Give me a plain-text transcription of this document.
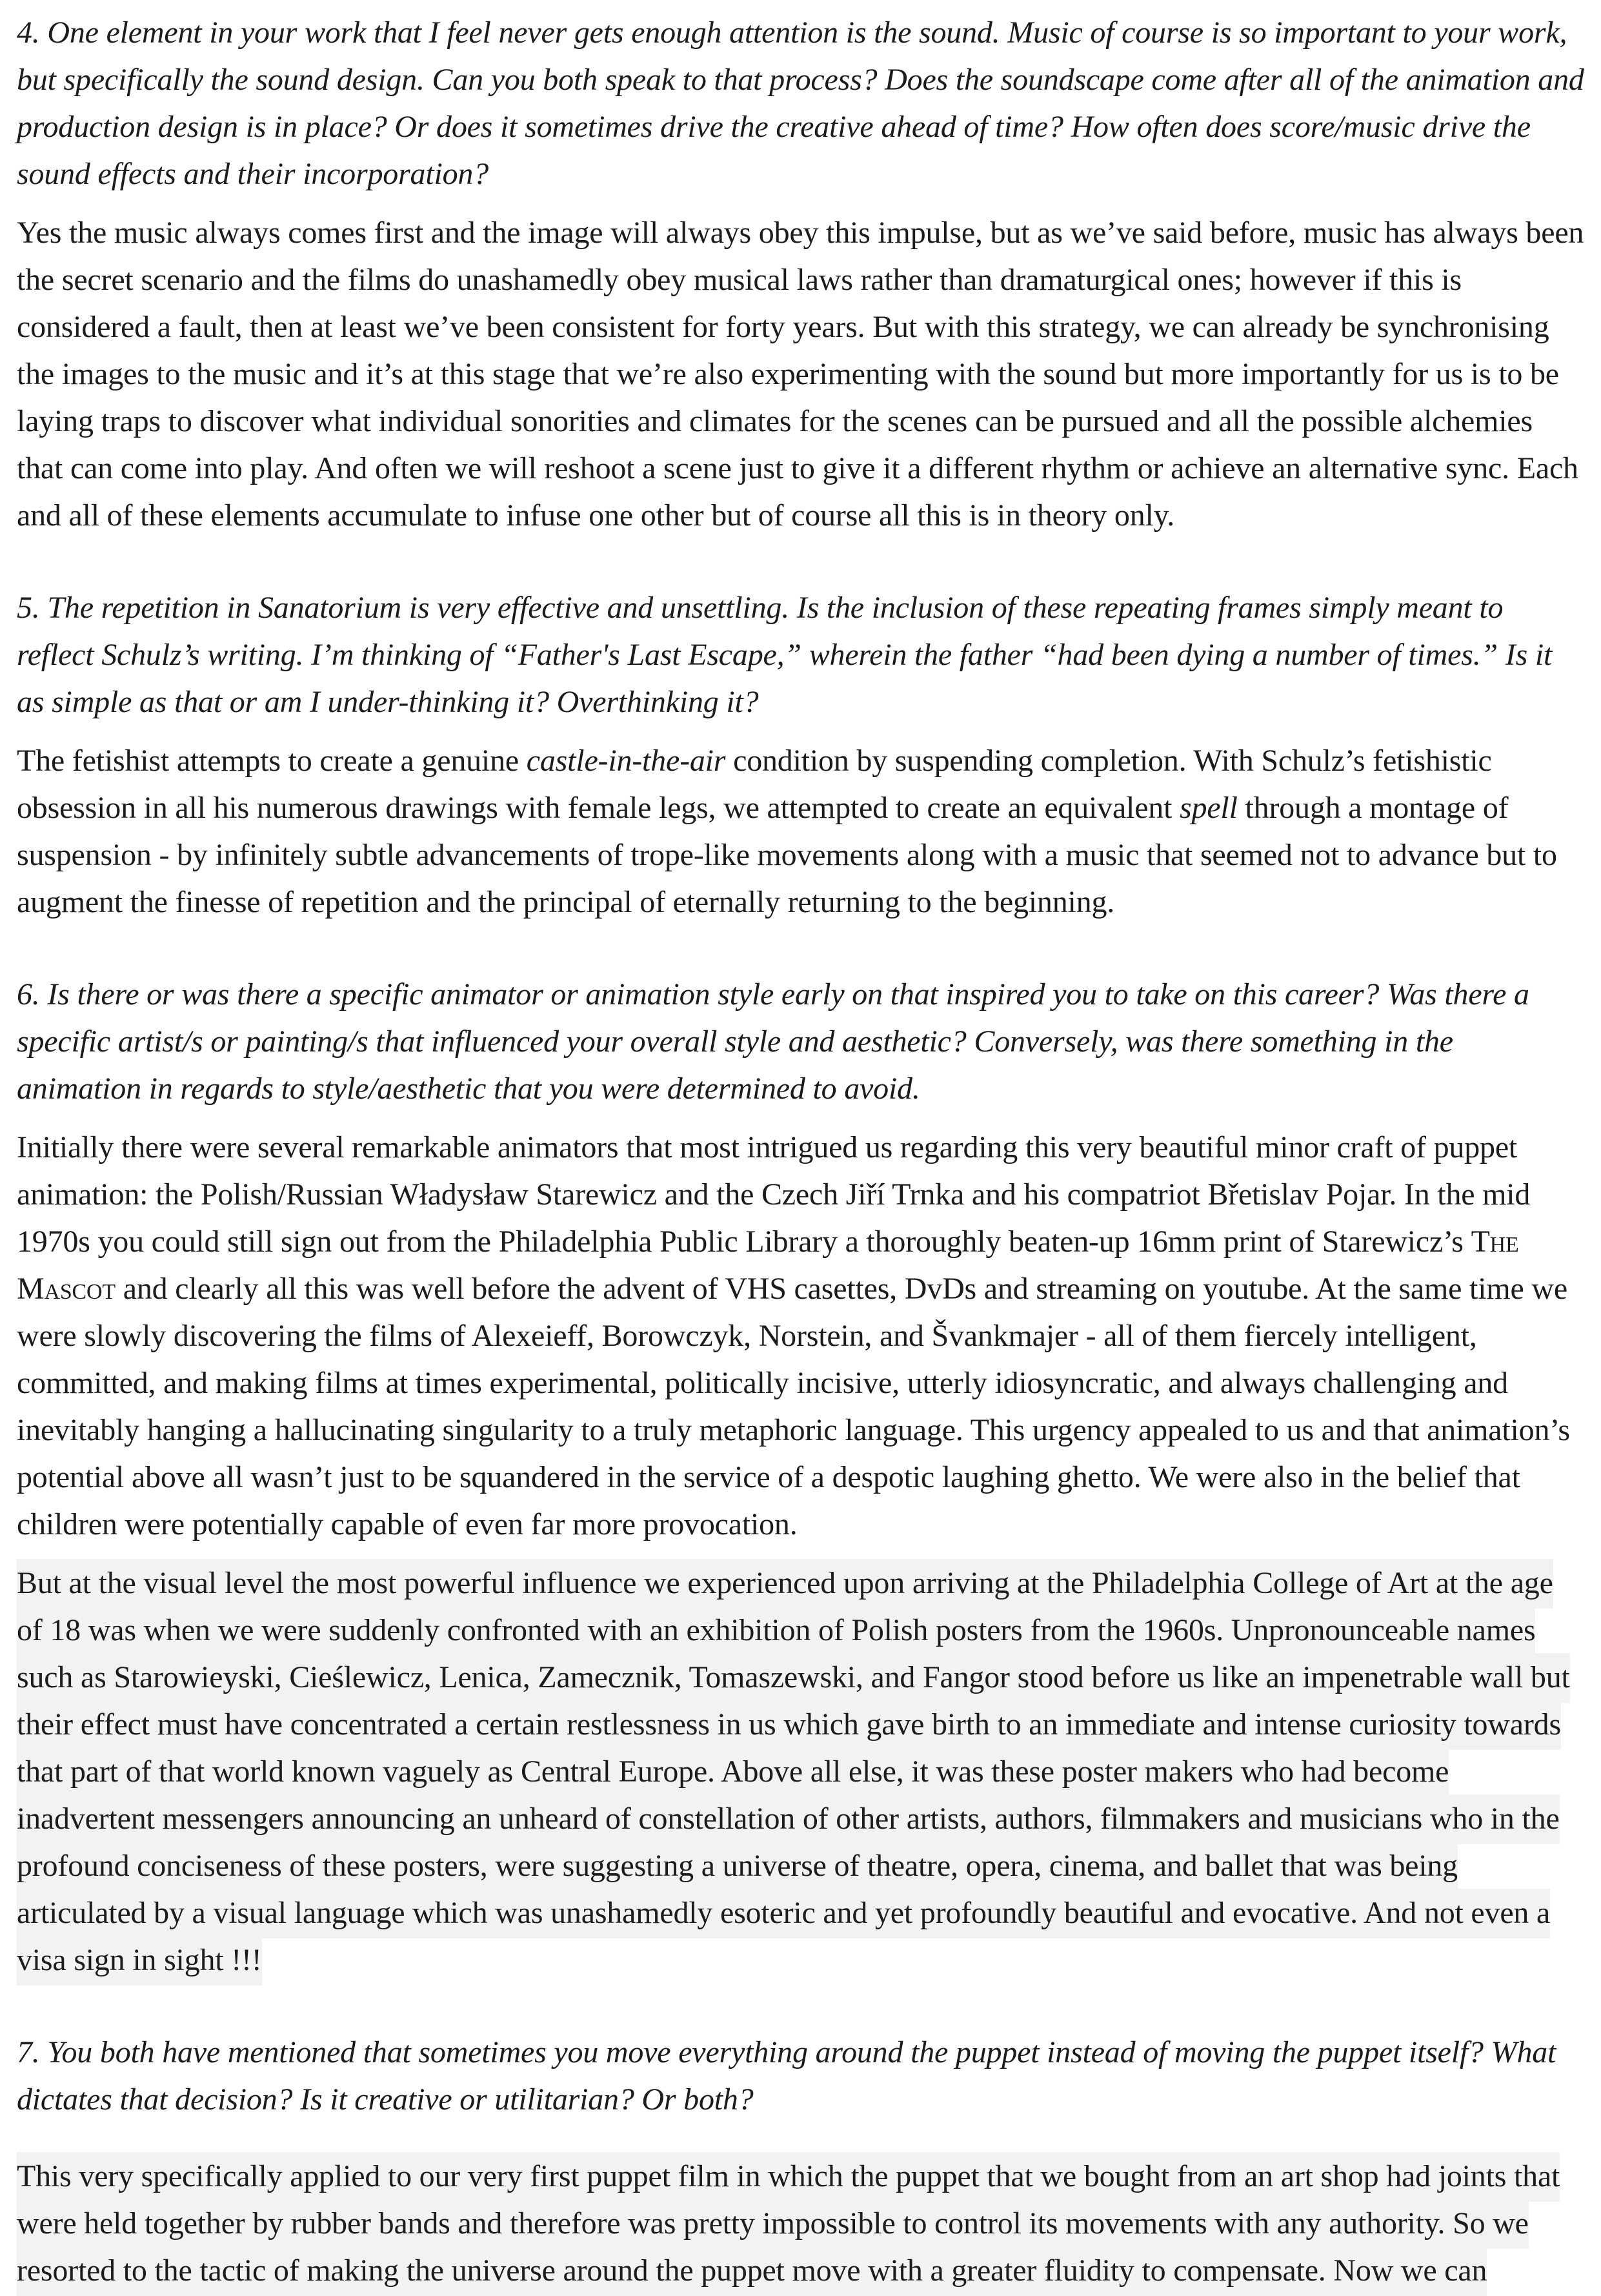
4. One element in your work that I feel never gets enough attention is the sound. Music of course is so important to your work, but specifically the sound design. Can you both speak to that process? Does the soundscape come after all of the animation and production design is in place? Or does it sometimes drive the creative ahead of time? How often does score/music drive the sound effects and their incorporation?

Yes the music always comes first and the image will always obey this impulse, but as we’ve said before, music has always been the secret scenario and the films do unashamedly obey musical laws rather than dramaturgical ones; however if this is considered a fault, then at least we’ve been consistent for forty years. But with this strategy, we can already be synchronising the images to the music and it’s at this stage that we’re also experimenting with the sound but more importantly for us is to be laying traps to discover what individual sonorities and climates for the scenes can be pursued and all the possible alchemies that can come into play. And often we will reshoot a scene just to give it a different rhythm or achieve an alternative sync. Each and all of these elements accumulate to infuse one other but of course all this is in theory only.

5. The repetition in Sanatorium is very effective and unsettling. Is the inclusion of these repeating frames simply meant to reflect Schulz’s writing. I’m thinking of “Father's Last Escape,” wherein the father “had been dying a number of times.” Is it as simple as that or am I under-thinking it? Overthinking it?

The fetishist attempts to create a genuine castle-in-the-air condition by suspending completion. With Schulz’s fetishistic obsession in all his numerous drawings with female legs, we attempted to create an equivalent spell through a montage of suspension - by infinitely subtle advancements of trope-like movements along with a music that seemed not to advance but to augment the finesse of repetition and the principal of eternally returning to the beginning.

6. Is there or was there a specific animator or animation style early on that inspired you to take on this career? Was there a specific artist/s or painting/s that influenced your overall style and aesthetic? Conversely, was there something in the animation in regards to style/aesthetic that you were determined to avoid.

Initially there were several remarkable animators that most intrigued us regarding this very beautiful minor craft of puppet animation: the Polish/Russian Władysław Starewicz and the Czech Jiří Trnka and his compatriot Břetislav Pojar. In the mid 1970s you could still sign out from the Philadelphia Public Library a thoroughly beaten-up 16mm print of Starewicz’s The Mascot and clearly all this was well before the advent of VHS casettes, DvDs and streaming on youtube. At the same time we were slowly discovering the films of Alexeieff, Borowczyk, Norstein, and Švankmajer - all of them fiercely intelligent, committed, and making films at times experimental, politically incisive, utterly idiosyncratic, and always challenging and inevitably hanging a hallucinating singularity to a truly metaphoric language. This urgency appealed to us and that animation’s potential above all wasn’t just to be squandered in the service of a despotic laughing ghetto. We were also in the belief that children were potentially capable of even far more provocation.

But at the visual level the most powerful influence we experienced upon arriving at the Philadelphia College of Art at the age of 18 was when we were suddenly confronted with an exhibition of Polish posters from the 1960s. Unpronounceable names such as Starowieyski, Cieślewicz, Lenica, Zamecznik, Tomaszewski, and Fangor stood before us like an impenetrable wall but their effect must have concentrated a certain restlessness in us which gave birth to an immediate and intense curiosity towards that part of that world known vaguely as Central Europe. Above all else, it was these poster makers who had become inadvertent messengers announcing an unheard of constellation of other artists, authors, filmmakers and musicians who in the profound conciseness of these posters, were suggesting a universe of theatre, opera, cinema, and ballet that was being articulated by a visual language which was unashamedly esoteric and yet profoundly beautiful and evocative. And not even a visa sign in sight !!!

7. You both have mentioned that sometimes you move everything around the puppet instead of moving the puppet itself? What dictates that decision? Is it creative or utilitarian? Or both?

This very specifically applied to our very first puppet film in which the puppet that we bought from an art shop had joints that were held together by rubber bands and therefore was pretty impossible to control its movements with any authority. So we resorted to the tactic of making the universe around the puppet move with a greater fluidity to compensate. Now we can
